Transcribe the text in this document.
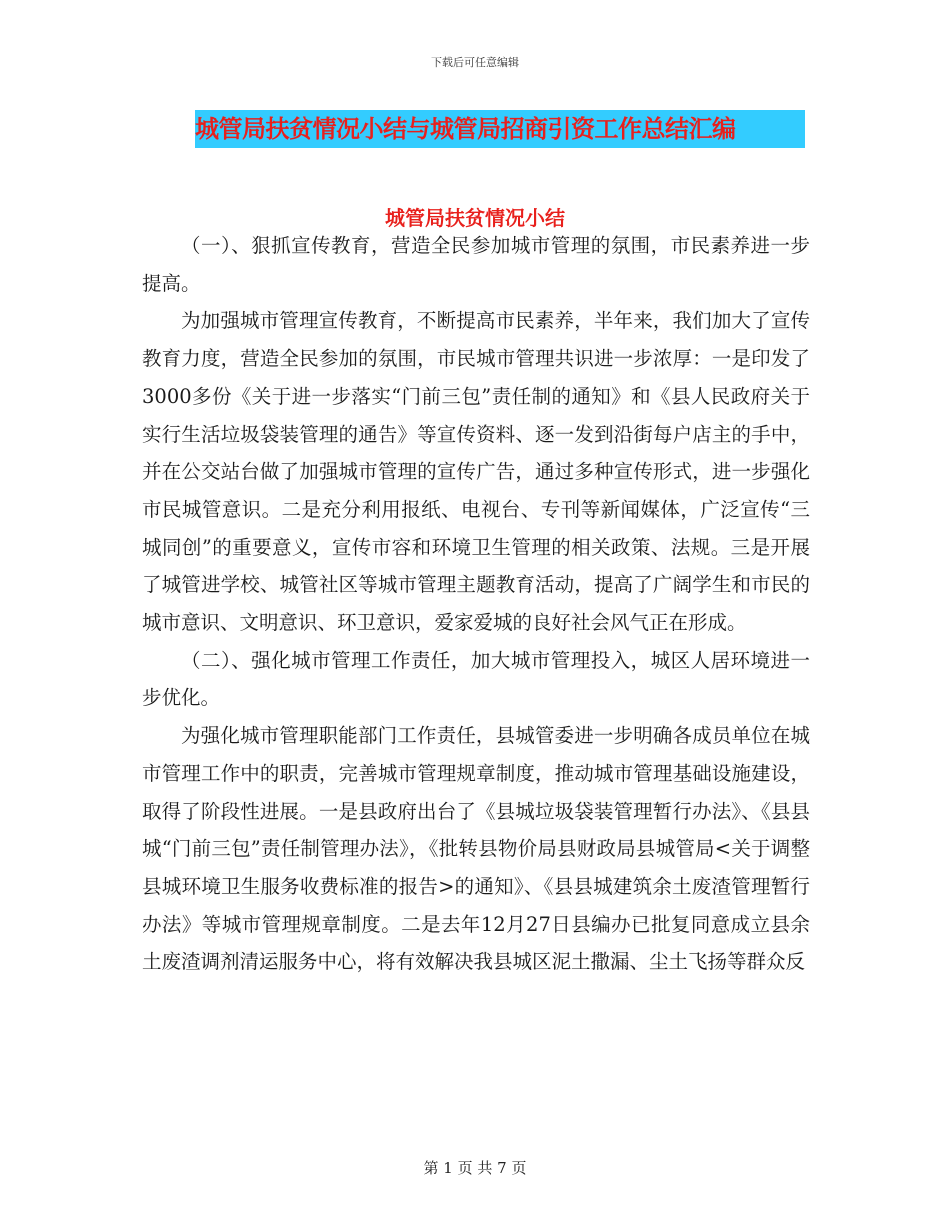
下载后可任意编辑
城管局扶贫情况小结与城管局招商引资工作总结汇编
城管局扶贫情况小结

（一）、狠抓宣传教育，营造全民参加城市管理的氛围，市民素养进一步提高。

为加强城市管理宣传教育，不断提高市民素养，半年来，我们加大了宣传教育力度，营造全民参加的氛围，市民城市管理共识进一步浓厚：一是印发了3000多份《关于进一步落实“门前三包”责任制的通知》和《县人民政府关于实行生活垃圾袋装管理的通告》等宣传资料、逐一发到沿街每户店主的手中，并在公交站台做了加强城市管理的宣传广告，通过多种宣传形式，进一步强化市民城管意识。二是充分利用报纸、电视台、专刊等新闻媒体，广泛宣传“三城同创”的重要意义，宣传市容和环境卫生管理的相关政策、法规。三是开展了城管进学校、城管社区等城市管理主题教育活动，提高了广阔学生和市民的城市意识、文明意识、环卫意识，爱家爱城的良好社会风气正在形成。

（二）、强化城市管理工作责任，加大城市管理投入，城区人居环境进一步优化。

为强化城市管理职能部门工作责任，县城管委进一步明确各成员单位在城市管理工作中的职责，完善城市管理规章制度，推动城市管理基础设施建设，取得了阶段性进展。一是县政府出台了《县城垃圾袋装管理暂行办法》、《县县城“门前三包”责任制管理办法》，《批转县物价局县财政局县城管局<关于调整县城环境卫生服务收费标准的报告>的通知》、《县县城建筑余土废渣管理暂行办法》等城市管理规章制度。二是去年12月27日县编办已批复同意成立县余土废渣调剂清运服务中心，将有效解决我县城区泥土撒漏、尘土飞扬等群众反

第 1 页 共 7 页
